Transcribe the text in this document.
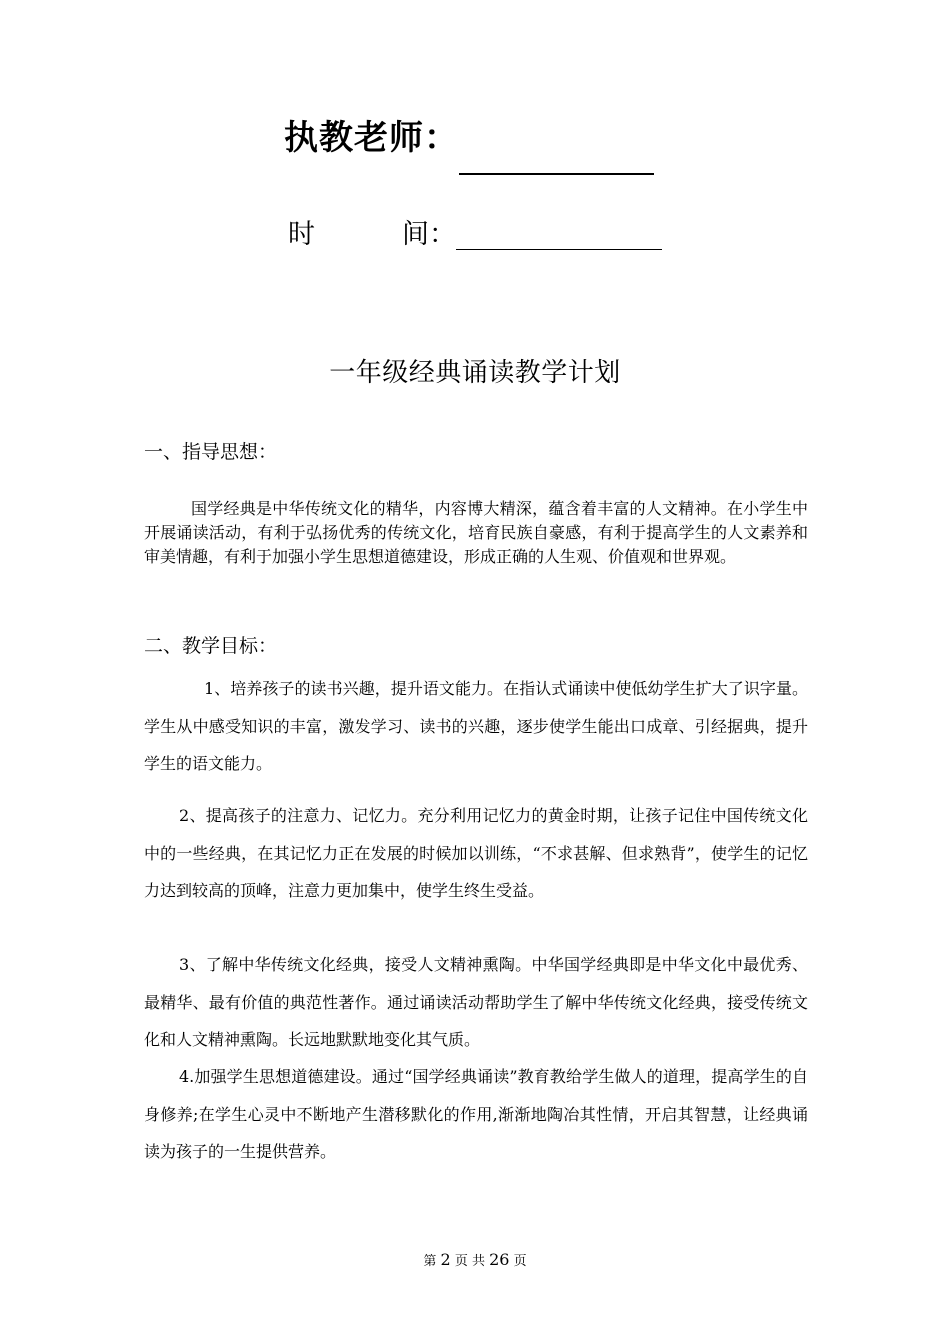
执教老师：
时	间：
一年级经典诵读教学计划
一、指导思想：

国学经典是中华传统文化的精华，内容博大精深，蕴含着丰富的人文精神。在小学生中开展诵读活动，有利于弘扬优秀的传统文化，培育民族自豪感，有利于提高学生的人文素养和审美情趣，有利于加强小学生思想道德建设，形成正确的人生观、价值观和世界观。

二、教学目标：

1、培养孩子的读书兴趣，提升语文能力。在指认式诵读中使低幼学生扩大了识字量。学生从中感受知识的丰富，激发学习、读书的兴趣，逐步使学生能出口成章、引经据典，提升学生的语文能力。

2、提高孩子的注意力、记忆力。充分利用记忆力的黄金时期，让孩子记住中国传统文化中的一些经典，在其记忆力正在发展的时候加以训练，“不求甚解、但求熟背”，使学生的记忆力达到较高的顶峰，注意力更加集中，使学生终生受益。

3、了解中华传统文化经典，接受人文精神熏陶。中华国学经典即是中华文化中最优秀、最精华、最有价值的典范性著作。通过诵读活动帮助学生了解中华传统文化经典，接受传统文化和人文精神熏陶。长远地默默地变化其气质。

4.加强学生思想道德建设。通过“国学经典诵读”教育教给学生做人的道理，提高学生的自身修养;在学生心灵中不断地产生潜移默化的作用,渐渐地陶冶其性情，开启其智慧，让经典诵读为孩子的一生提供营养。

第 2 页 共 26 页
